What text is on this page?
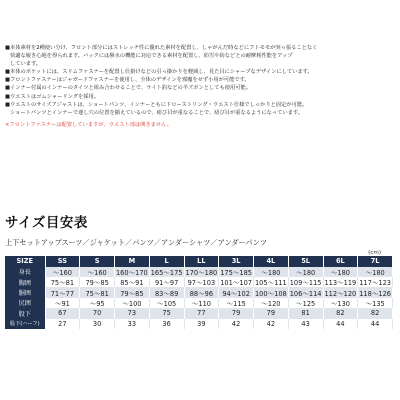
■本体素材を2種使い分け、フロント部分にはストレッチ性に優れた素材を配置し、しゃがんだ時などにフトモモが突っ張ることなく

快適な履き心地を得られます。バックには撥水の機能に対応できる素材を配置し、紡雪や紡などとの耐摩耗性能をアップ

しています。

■本体のポケットには、スリムファスナーを配置し仕掛けなどの引っ掛かりを軽減し、見た目にシャープなデザインにしています。

■フロントファスナーはジャガードファスナーを使用し、全体のデザインを邪魔をせず小用が可能です。

■インナー付属のインナーのタイツと組み合わせることで、ライト釣などの半ズボンとしても使用可能。

■ウエストはゴムシャーリングを採用。

■ウエストのサイズアジャストは、ショートパンツ、インナーともにドローストリング・ウエスト仕様でしっかりと固定が可能。

ショートパンツとインナーで連し穴の位置を揃えているので、紐び目が重なることで、紐び目が重なるようになっています。

×フロントファスナーは配置していますが、ウエスト部は開きません。

サイズ目安表
上下セットアップスーツ／ジャケット／パンツ／アンダーシャツ／アンダーパンツ
(cm)
SIZE	SS	S	M	L	LL	3L	4L	5L	6L	7L
身長	〜160	〜160	160〜170	165〜175	170〜180	175〜185	〜180	〜180	〜180	〜180
胸囲	75〜81	79〜85	85〜91	91〜97	97〜103	101〜107	105〜111	109〜115	113〜119	117〜123
胴囲	71〜77	75〜81	79〜85	83〜89	88〜96	94〜102	100〜108	106〜114	112〜120	118〜126
尻囲	〜91	〜95	〜100	〜105	〜110	〜115	〜120	〜125	〜130	〜135
股下	67	70	73	75	77	79	79	81	82	82
股下(ハーフ)	27	30	33	36	39	42	42	43	44	44
